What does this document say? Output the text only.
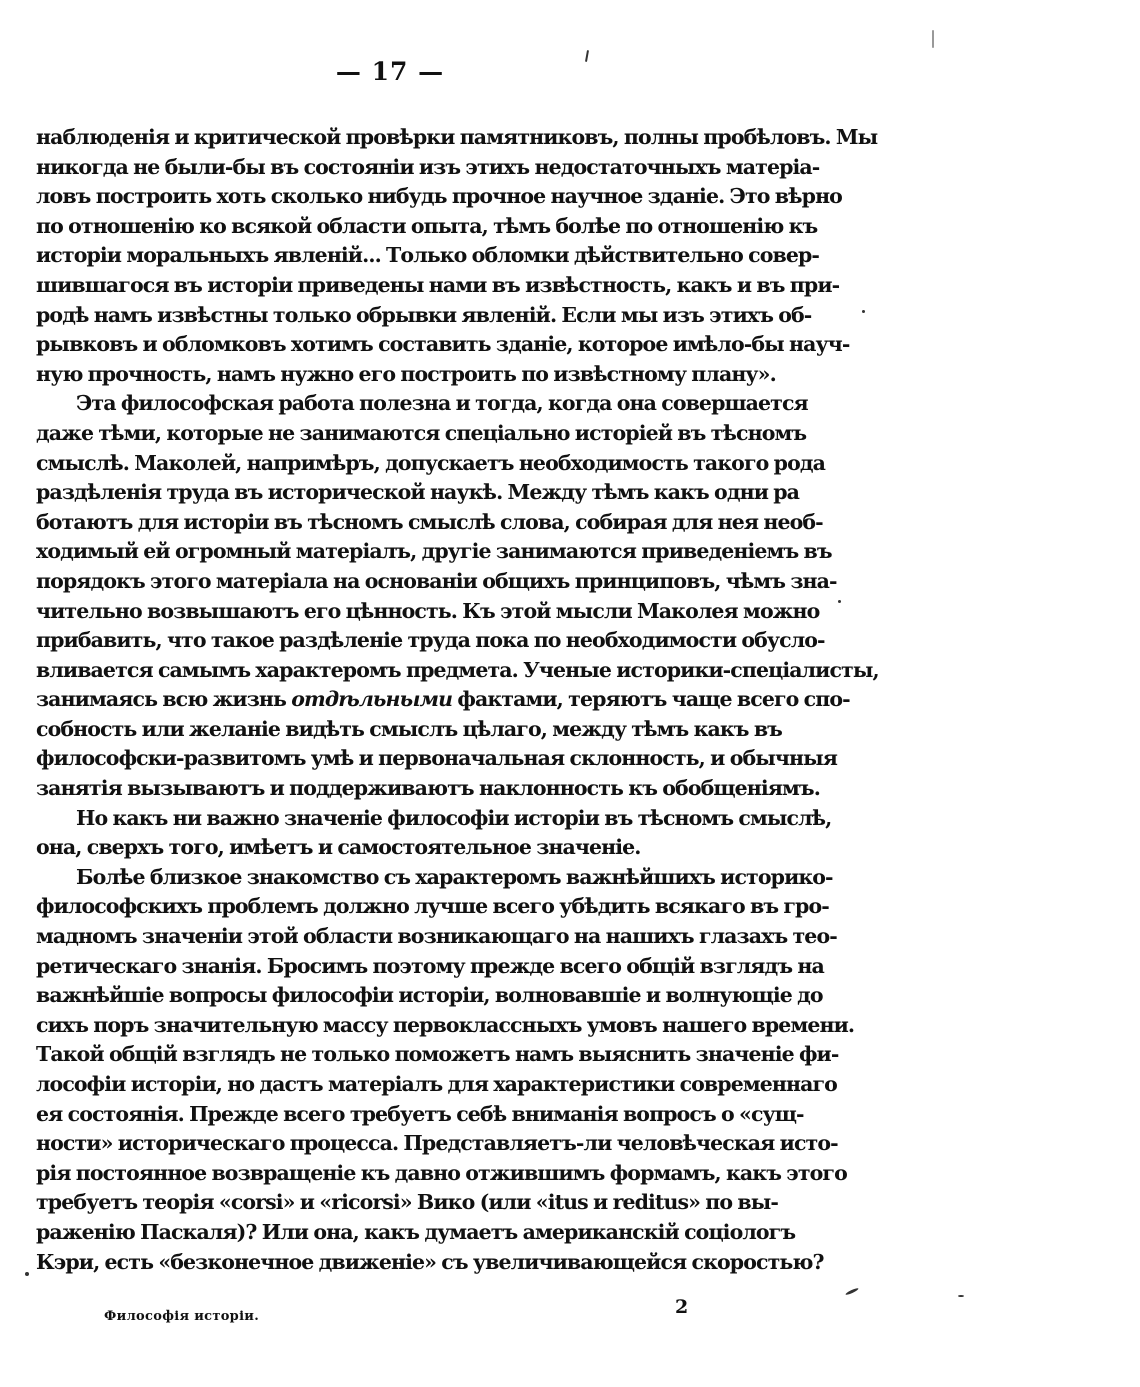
— 17 —
наблюденія и критической провѣрки памятниковъ, полны пробѣловъ. Мы
никогда не были-бы въ состояніи изъ этихъ недостаточныхъ матеріа-
ловъ построить хоть сколько нибудь прочное научное зданіе. Это вѣрно
по отношенію ко всякой области опыта, тѣмъ болѣе по отношенію къ
исторіи моральныхъ явленій... Только обломки дѣйствительно совер-
шившагося въ исторіи приведены нами въ извѣстность, какъ и въ при-
родѣ намъ извѣстны только обрывки явленій. Если мы изъ этихъ об-
рывковъ и обломковъ хотимъ составить зданіе, которое имѣло-бы науч-
ную прочность, намъ нужно его построить по извѣстному плану».
Эта философская работа полезна и тогда, когда она совершается
даже тѣми, которые не занимаются спеціально исторіей въ тѣсномъ
смыслѣ. Маколей, напримѣръ, допускаетъ необходимость такого рода
раздѣленія труда въ исторической наукѣ. Между тѣмъ какъ одни ра
ботаютъ для исторіи въ тѣсномъ смыслѣ слова, собирая для нея необ-
ходимый ей огромный матеріалъ, другіе занимаются приведеніемъ въ
порядокъ этого матеріала на основаніи общихъ принциповъ, чѣмъ зна-
чительно возвышаютъ его цѣнность. Къ этой мысли Маколея можно
прибавить, что такое раздѣленіе труда пока по необходимости обусло-
вливается самымъ характеромъ предмета. Ученые историки-спеціалисты,
занимаясь всю жизнь отдѣльными фактами, теряютъ чаще всего спо-
собность или желаніе видѣть смыслъ цѣлаго, между тѣмъ какъ въ
философски-развитомъ умѣ и первоначальная склонность, и обычныя
занятія вызываютъ и поддерживаютъ наклонность къ обобщеніямъ.
Но какъ ни важно значеніе философіи исторіи въ тѣсномъ смыслѣ,
она, сверхъ того, имѣетъ и самостоятельное значеніе.
Болѣе близкое знакомство съ характеромъ важнѣйшихъ историко-
философскихъ проблемъ должно лучше всего убѣдить всякаго въ гро-
мадномъ значеніи этой области возникающаго на нашихъ глазахъ тео-
ретическаго знанія. Бросимъ поэтому прежде всего общій взглядъ на
важнѣйшіе вопросы философіи исторіи, волновавшіе и волнующіе до
сихъ поръ значительную массу первоклассныхъ умовъ нашего времени.
Такой общій взглядъ не только поможетъ намъ выяснить значеніе фи-
лософіи исторіи, но дастъ матеріалъ для характеристики современнаго
ея состоянія. Прежде всего требуетъ себѣ вниманія вопросъ о «сущ-
ности» историческаго процесса. Представляетъ-ли человѣческая исто-
рія постоянное возвращеніе къ давно отжившимъ формамъ, какъ этого
требуетъ теорія «corsi» и «ricorsi» Вико (или «itus и reditus» по вы-
раженію Паскаля)? Или она, какъ думаетъ американскій соціологъ
Кэри, есть «безконечное движеніе» съ увеличивающейся скоростью?
Философія исторіи.	2
